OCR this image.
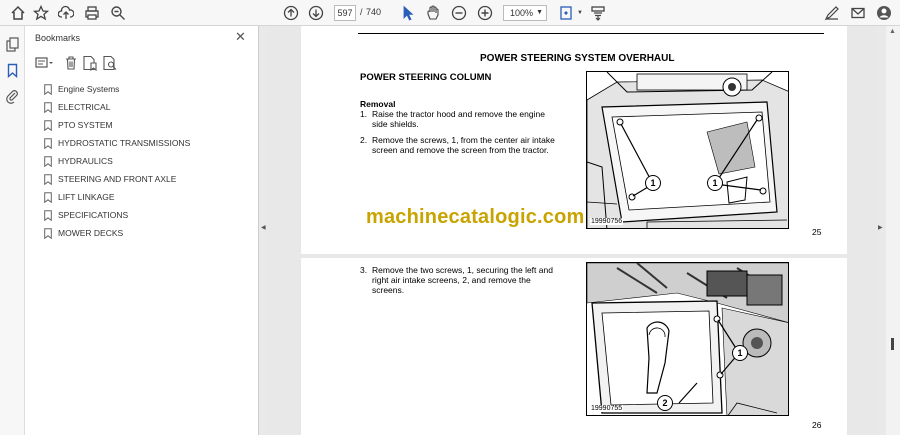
597 / 740	100% ▼	▼
Bookmarks	✕
Engine Systems
ELECTRICAL
PTO SYSTEM
HYDROSTATIC TRANSMISSIONS
HYDRAULICS
STEERING AND FRONT AXLE
LIFT LINKAGE
SPECIFICATIONS
MOWER DECKS	◀
POWER STEERING SYSTEM OVERHAUL
POWER STEERING COLUMN
Removal
1. Raise the tractor hood and remove the engine
side shields.
2. Remove the screws, 1, from the center air intake
screen and remove the screen from the tractor.
1	1
19990756
25
machinecatalogic.com
3. Remove the two screws, 1, securing the left and
right air intake screens, 2, and remove the
screens.
1
2
19990755
26
▶
▲
